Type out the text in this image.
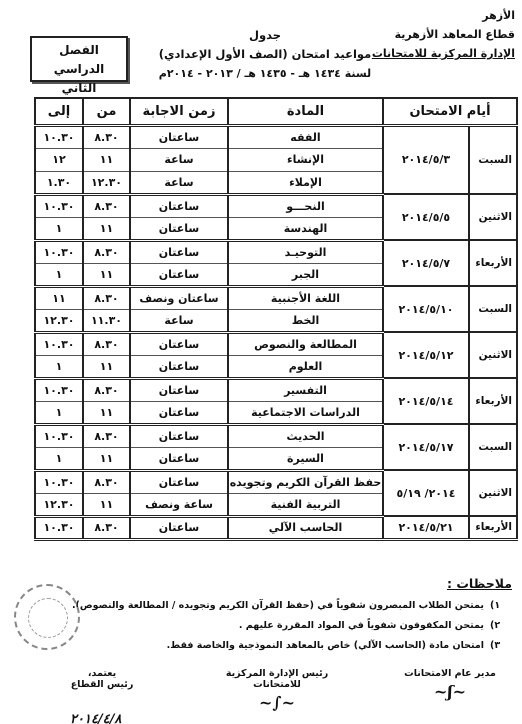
الأزهر
قطاع المعاهد الأزهرية
الإدارة المركزية للامتحانات
جدول
مواعيد امتحان (الصف الأول الإعدادي)
لسنة ١٤٣٤ هـ - ١٤٣٥ هـ / ٢٠١٣ - ٢٠١٤م
الفصل الدراسي
الثاني
أيام الامتحان		المادة	زمن الاجابة	من	إلى
السبت	٢٠١٤/٥/٣	الفقه	ساعتان	٨.٣٠	١٠.٣٠
		الإنشاء	ساعة	١١	١٢
		الإملاء	ساعة	١٢.٣٠	١.٣٠
الاثنين	٢٠١٤/٥/٥	النحـــو	ساعتان	٨.٣٠	١٠.٣٠
		الهندسة	ساعتان	١١	١
الأربعاء	٢٠١٤/٥/٧	التوحيـد	ساعتان	٨.٣٠	١٠.٣٠
		الجبر	ساعتان	١١	١
السبت	٢٠١٤/٥/١٠	اللغة الأجنبية	ساعتان ونصف	٨.٣٠	١١
		الخط	ساعة	١١.٣٠	١٢.٣٠
الاثنين	٢٠١٤/٥/١٢	المطالعة والنصوص	ساعتان	٨.٣٠	١٠.٣٠
		العلوم	ساعتان	١١	١
الأربعاء	٢٠١٤/٥/١٤	التفسير	ساعتان	٨.٣٠	١٠.٣٠
		الدراسات الاجتماعية	ساعتان	١١	١
السبت	٢٠١٤/٥/١٧	الحديث	ساعتان	٨.٣٠	١٠.٣٠
		السيرة	ساعتان	١١	١
الاثنين	٢٠١٤/ ٥/١٩	حفظ القرآن الكريم وتجويده	ساعتان	٨.٣٠	١٠.٣٠
		التربية الفنية	ساعة ونصف	١١	١٢.٣٠
الأربعاء	٢٠١٤/٥/٢١	الحاسب الآلي	ساعتان	٨.٣٠	١٠.٣٠
ملاحظات :
١)
يمتحن الطلاب المبصرون شفوياً في (حفظ القرآن الكريم وتجويده / المطالعة والنصوص).
٢)
يمتحن المكفوفون شفوياً في المواد المقررة عليهم .
٣)
امتحان مادة (الحاسب الآلي) خاص بالمعاهد النموذجية والخاصة فقط.
مدير عام الامتحانات
~ʃ~
رئيس الإدارة المركزية للامتحانات
~∫~
يعتمد،
رئيس القطاع
٢٠١٤/٤/٨
